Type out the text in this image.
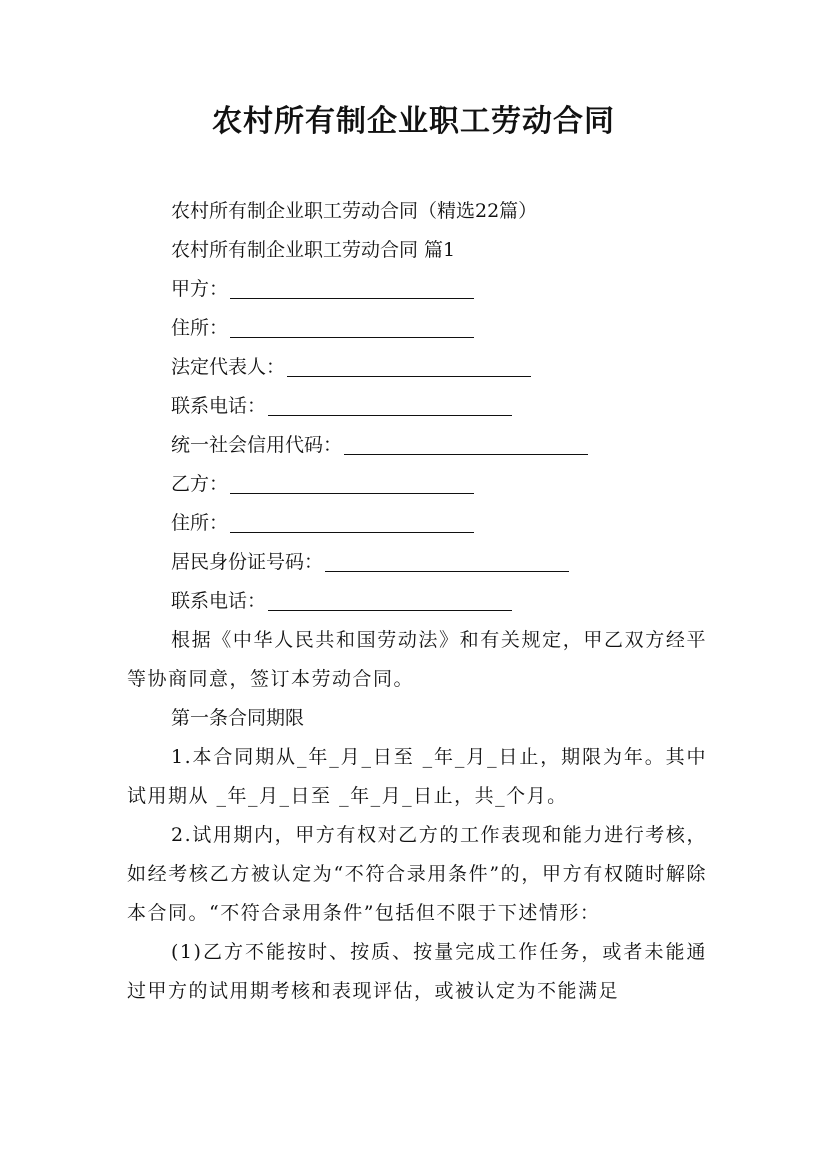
农村所有制企业职工劳动合同
农村所有制企业职工劳动合同（精选22篇）
农村所有制企业职工劳动合同 篇1
甲方：
住所：
法定代表人：
联系电话：
统一社会信用代码：
乙方：
住所：
居民身份证号码：
联系电话：
根据《中华人民共和国劳动法》和有关规定，甲乙双方经平等协商同意，签订本劳动合同。
第一条合同期限
1.本合同期从_年_月_日至 _年_月_日止，期限为年。其中试用期从 _年_月_日至 _年_月_日止，共_个月。
2.试用期内，甲方有权对乙方的工作表现和能力进行考核，如经考核乙方被认定为“不符合录用条件”的，甲方有权随时解除本合同。“不符合录用条件”包括但不限于下述情形：
(1)乙方不能按时、按质、按量完成工作任务，或者未能通过甲方的试用期考核和表现评估，或被认定为不能满足
